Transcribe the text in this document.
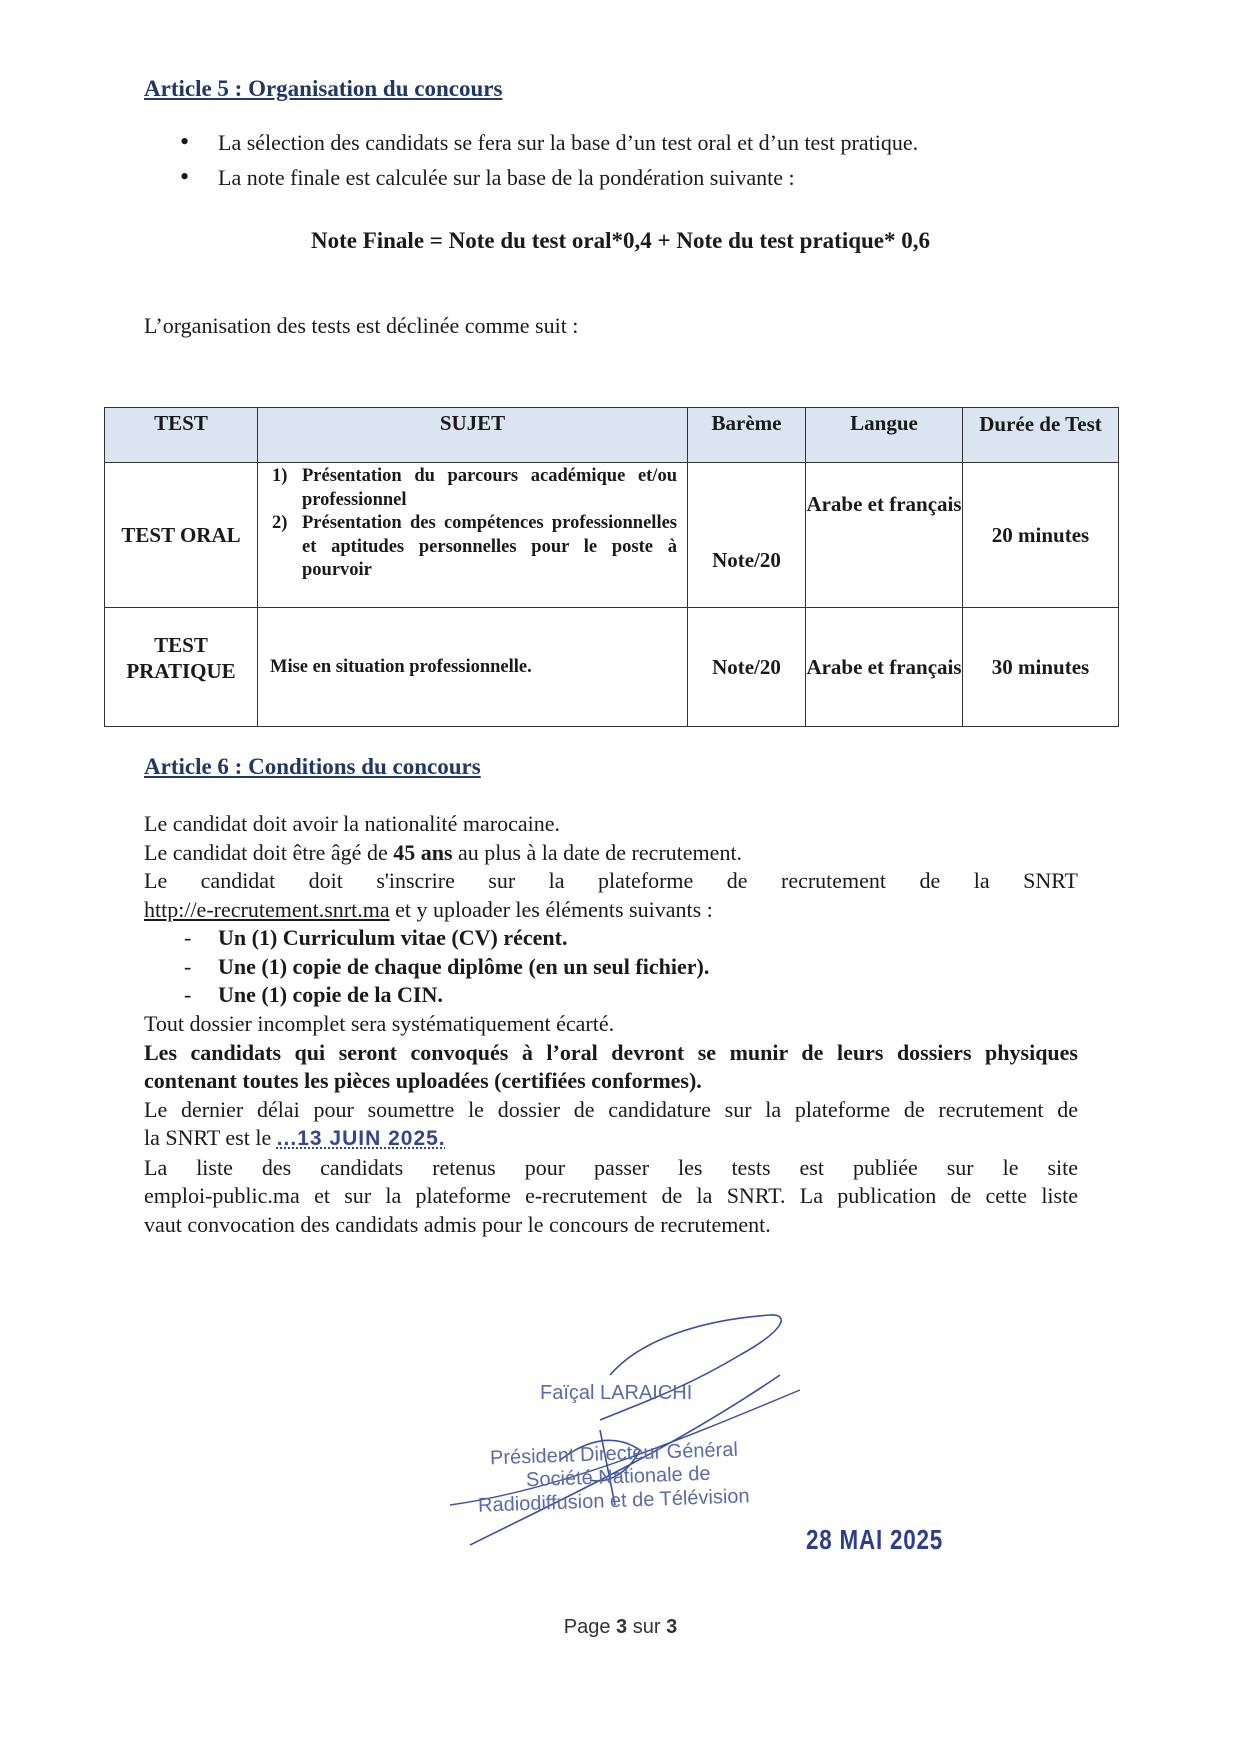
Article 5 : Organisation du concours
• La sélection des candidats se fera sur la base d’un test oral et d’un test pratique.
• La note finale est calculée sur la base de la pondération suivante :
Note Finale = Note du test oral*0,4 + Note du test pratique* 0,6
L’organisation des tests est déclinée comme suit :
TEST	SUJET	Barème	Langue	Durée de Test
TEST ORAL	1) Présentation du parcours académique et/ou professionnel
2) Présentation des compétences professionnelles et aptitudes personnelles pour le poste à pourvoir	Note/20	Arabe et français	20 minutes
TEST PRATIQUE	Mise en situation professionnelle.	Note/20	Arabe et français	30 minutes
Article 6 : Conditions du concours
Le candidat doit avoir la nationalité marocaine.
Le candidat doit être âgé de 45 ans au plus à la date de recrutement.
Le candidat doit s'inscrire sur la plateforme de recrutement de la SNRT
http://e-recrutement.snrt.ma et y uploader les éléments suivants :
- Un (1) Curriculum vitae (CV) récent.
- Une (1) copie de chaque diplôme (en un seul fichier).
- Une (1) copie de la CIN.
Tout dossier incomplet sera systématiquement écarté.
Les candidats qui seront convoqués à l’oral devront se munir de leurs dossiers physiques
contenant toutes les pièces uploadées (certifiées conformes).
Le dernier délai pour soumettre le dossier de candidature sur la plateforme de recrutement de
la SNRT est le ...13 JUIN 2025.
La liste des candidats retenus pour passer les tests est publiée sur le site
emploi-public.ma et sur la plateforme e-recrutement de la SNRT. La publication de cette liste
vaut convocation des candidats admis pour le concours de recrutement.
Faïçal LARAICHI
Président Directeur Général
Société Nationale de
Radiodiffusion et de Télévision
28 MAI 2025
Page 3 sur 3
